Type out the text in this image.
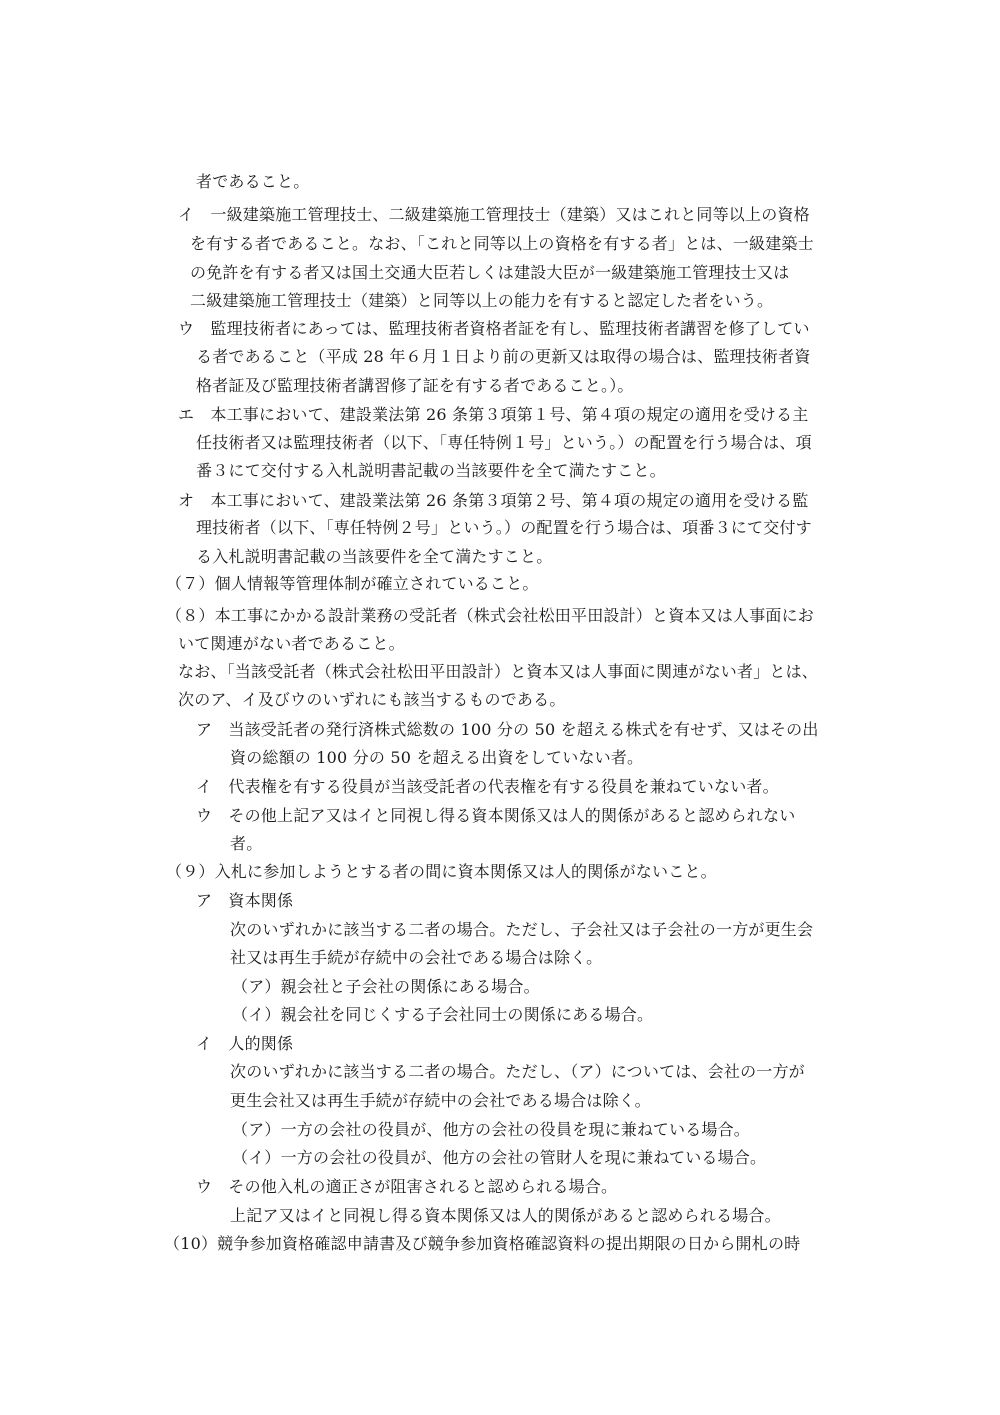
者であること。
イ　一級建築施工管理技士、二級建築施工管理技士（建築）又はこれと同等以上の資格
を有する者であること。なお、「これと同等以上の資格を有する者」とは、一級建築士
の免許を有する者又は国土交通大臣若しくは建設大臣が一級建築施工管理技士又は
二級建築施工管理技士（建築）と同等以上の能力を有すると認定した者をいう。
ウ　監理技術者にあっては、監理技術者資格者証を有し、監理技術者講習を修了してい
る者であること（平成 28 年６月１日より前の更新又は取得の場合は、監理技術者資
格者証及び監理技術者講習修了証を有する者であること。）。
エ　本工事において、建設業法第 26 条第３項第１号、第４項の規定の適用を受ける主
任技術者又は監理技術者（以下、「専任特例１号」という。）の配置を行う場合は、項
番３にて交付する入札説明書記載の当該要件を全て満たすこと。
オ　本工事において、建設業法第 26 条第３項第２号、第４項の規定の適用を受ける監
理技術者（以下、「専任特例２号」という。）の配置を行う場合は、項番３にて交付す
る入札説明書記載の当該要件を全て満たすこと。
（７）個人情報等管理体制が確立されていること。
（８）本工事にかかる設計業務の受託者（株式会社松田平田設計）と資本又は人事面にお
いて関連がない者であること。
なお、「当該受託者（株式会社松田平田設計）と資本又は人事面に関連がない者」とは、
次のア、イ及びウのいずれにも該当するものである。
ア　当該受託者の発行済株式総数の 100 分の 50 を超える株式を有せず、又はその出
資の総額の 100 分の 50 を超える出資をしていない者。
イ　代表権を有する役員が当該受託者の代表権を有する役員を兼ねていない者。
ウ　その他上記ア又はイと同視し得る資本関係又は人的関係があると認められない
者。
（９）入札に参加しようとする者の間に資本関係又は人的関係がないこと。
ア　資本関係
次のいずれかに該当する二者の場合。ただし、子会社又は子会社の一方が更生会
社又は再生手続が存続中の会社である場合は除く。
（ア）親会社と子会社の関係にある場合。
（イ）親会社を同じくする子会社同士の関係にある場合。
イ　人的関係
次のいずれかに該当する二者の場合。ただし、（ア）については、会社の一方が
更生会社又は再生手続が存続中の会社である場合は除く。
（ア）一方の会社の役員が、他方の会社の役員を現に兼ねている場合。
（イ）一方の会社の役員が、他方の会社の管財人を現に兼ねている場合。
ウ　その他入札の適正さが阻害されると認められる場合。
上記ア又はイと同視し得る資本関係又は人的関係があると認められる場合。
（10）競争参加資格確認申請書及び競争参加資格確認資料の提出期限の日から開札の時
